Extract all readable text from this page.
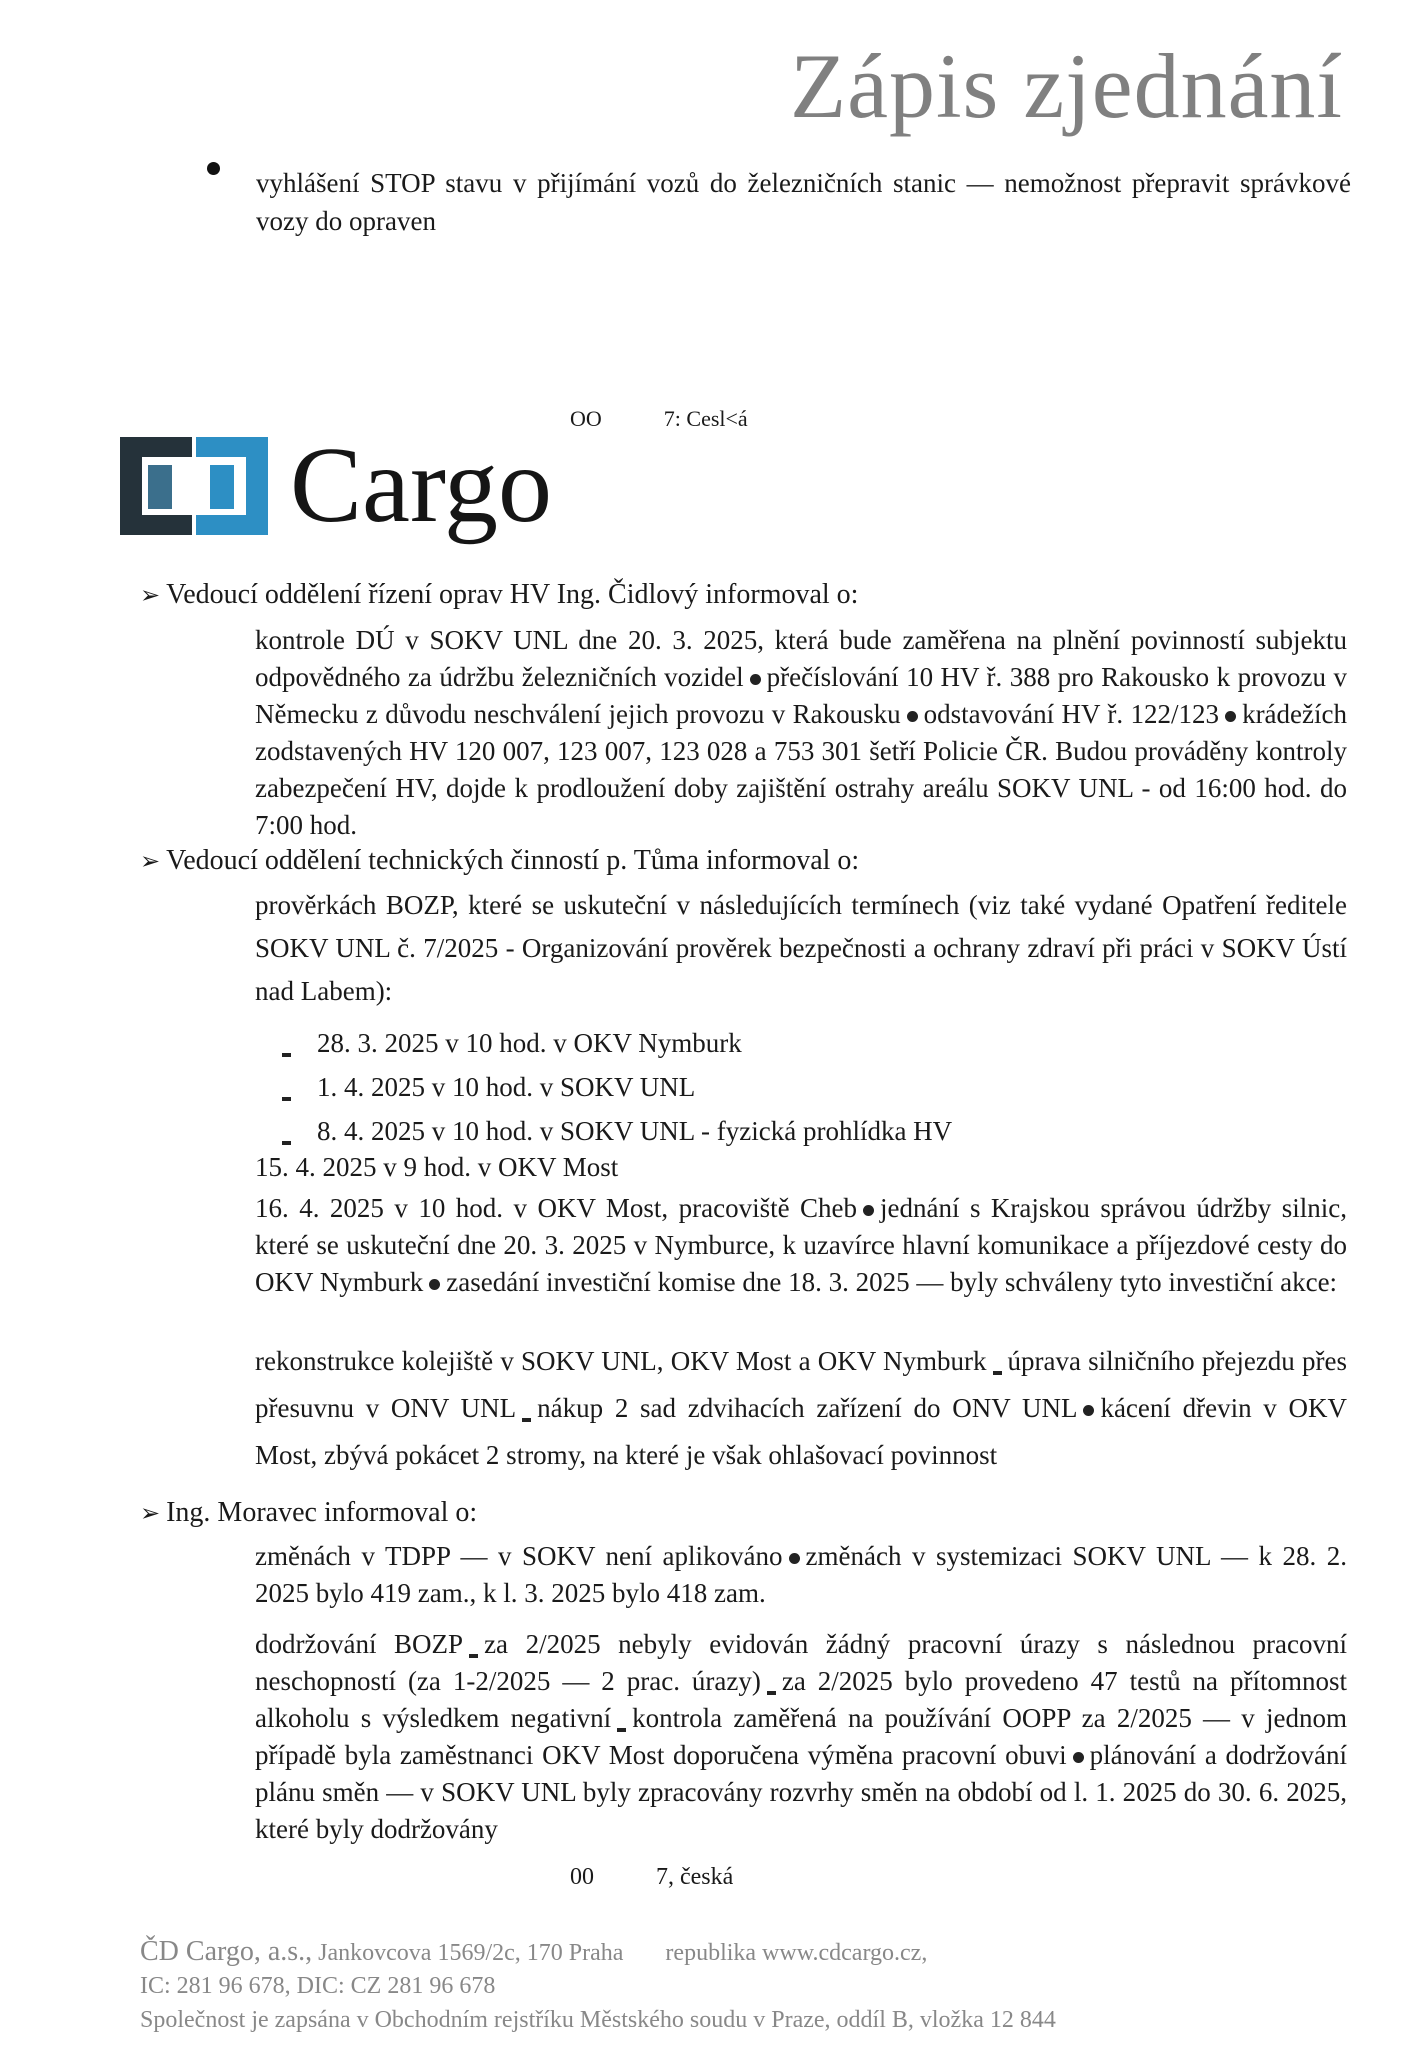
Zápis zjednání
vyhlášení STOP stavu v přijímání vozů do železničních stanic — nemožnost přepravit správkové vozy do opraven
OO	7: Cesl<á
Cargo
➢ Vedoucí oddělení řízení oprav HV Ing. Čidlový informoval o:
kontrole DÚ v SOKV UNL dne 20. 3. 2025, která bude zaměřena na plnění povinností subjektu odpovědného za údržbu železničních vozidel přečíslování 10 HV ř. 388 pro Rakousko k provozu v Německu z důvodu neschválení jejich provozu v Rakousku odstavování HV ř. 122/123 krádežích zodstavených HV 120 007, 123 007, 123 028 a 753 301 šetří Policie ČR. Budou prováděny kontroly zabezpečení HV, dojde k prodloužení doby zajištění ostrahy areálu SOKV UNL - od 16:00 hod. do 7:00 hod.
➢ Vedoucí oddělení technických činností p. Tůma informoval o:
prověrkách BOZP, které se uskuteční v následujících termínech (viz také vydané Opatření ředitele SOKV UNL č. 7/2025 - Organizování prověrek bezpečnosti a ochrany zdraví při práci v SOKV Ústí nad Labem):
28. 3. 2025 v 10 hod. v OKV Nymburk
1. 4. 2025 v 10 hod. v SOKV UNL
8. 4. 2025 v 10 hod. v SOKV UNL - fyzická prohlídka HV
15. 4. 2025 v 9 hod. v OKV Most
16. 4. 2025 v 10 hod. v OKV Most, pracoviště Cheb jednání s Krajskou správou údržby silnic, které se uskuteční dne 20. 3. 2025 v Nymburce, k uzavírce hlavní komunikace a příjezdové cesty do OKV Nymburk zasedání investiční komise dne 18. 3. 2025 — byly schváleny tyto investiční akce:
rekonstrukce kolejiště v SOKV UNL, OKV Most a OKV Nymburk úprava silničního přejezdu přes přesuvnu v ONV UNL nákup 2 sad zdvihacích zařízení do ONV UNL kácení dřevin v OKV Most, zbývá pokácet 2 stromy, na které je však ohlašovací povinnost
➢ Ing. Moravec informoval o:
změnách v TDPP — v SOKV není aplikováno změnách v systemizaci SOKV UNL — k 28. 2. 2025 bylo 419 zam., k l. 3. 2025 bylo 418 zam.
dodržování BOZP za 2/2025 nebyly evidován žádný pracovní úrazy s následnou pracovní neschopností (za 1-2/2025 — 2 prac. úrazy) za 2/2025 bylo provedeno 47 testů na přítomnost alkoholu s výsledkem negativní kontrola zaměřená na používání OOPP za 2/2025 — v jednom případě byla zaměstnanci OKV Most doporučena výměna pracovní obuvi plánování a dodržování plánu směn — v SOKV UNL byly zpracovány rozvrhy směn na období od l. 1. 2025 do 30. 6. 2025, které byly dodržovány
00	7, česká
ČD Cargo, a.s., Jankovcova 1569/2c, 170 Praha republika www.cdcargo.cz,
IC: 281 96 678, DIC: CZ 281 96 678
Společnost je zapsána v Obchodním rejstříku Městského soudu v Praze, oddíl B, vložka 12 844
